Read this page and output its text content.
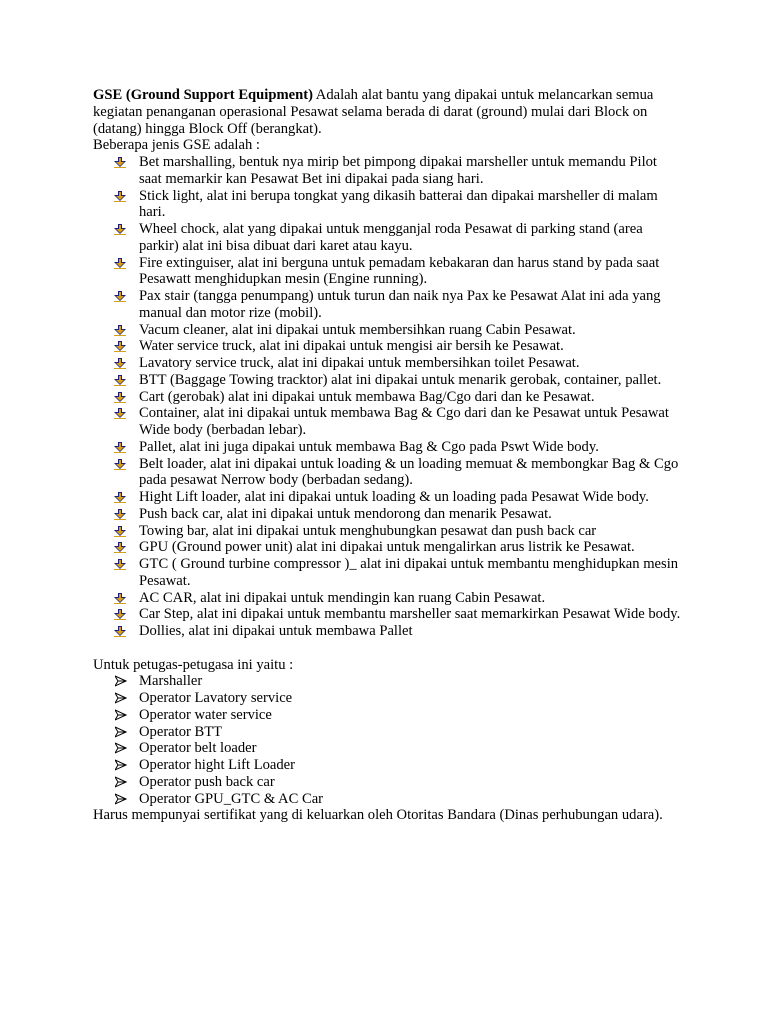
GSE (Ground Support Equipment) Adalah alat bantu yang dipakai untuk melancarkan semua kegiatan penanganan operasional Pesawat selama berada di darat (ground) mulai dari Block on (datang) hingga Block Off (berangkat).

Beberapa jenis GSE adalah :

Bet marshalling, bentuk nya mirip bet pimpong dipakai marsheller untuk memandu Pilot saat memarkir kan Pesawat Bet ini dipakai pada siang hari.
Stick light, alat ini berupa tongkat yang dikasih batterai dan dipakai marsheller di malam hari.
Wheel chock, alat yang dipakai untuk mengganjal roda Pesawat di parking stand (area parkir) alat ini bisa dibuat dari karet atau kayu.
Fire extinguiser, alat ini berguna untuk pemadam kebakaran dan harus stand by pada saat Pesawatt menghidupkan mesin (Engine running).
Pax stair (tangga penumpang) untuk turun dan naik nya Pax ke Pesawat Alat ini ada yang manual dan motor rize (mobil).
Vacum cleaner, alat ini dipakai untuk membersihkan ruang Cabin Pesawat.
Water service truck, alat ini dipakai untuk mengisi air bersih ke Pesawat.
Lavatory service truck, alat ini dipakai untuk membersihkan toilet Pesawat.
BTT (Baggage Towing tracktor) alat ini dipakai untuk menarik gerobak, container, pallet.
Cart (gerobak) alat ini dipakai untuk membawa Bag/Cgo dari dan ke Pesawat.
Container, alat ini dipakai untuk membawa Bag & Cgo dari dan ke Pesawat untuk Pesawat Wide body (berbadan lebar).
Pallet, alat ini juga dipakai untuk membawa Bag & Cgo pada Pswt Wide body.
Belt loader, alat ini dipakai untuk loading & un loading memuat & membongkar Bag & Cgo pada pesawat Nerrow body (berbadan sedang).
Hight Lift loader, alat ini dipakai untuk loading & un loading pada Pesawat Wide body.
Push back car, alat ini dipakai untuk mendorong dan menarik Pesawat.
Towing bar, alat ini dipakai untuk menghubungkan pesawat dan push back car
GPU (Ground power unit) alat ini dipakai untuk mengalirkan arus listrik ke Pesawat.
GTC ( Ground turbine compressor )_ alat ini dipakai untuk membantu menghidupkan mesin Pesawat.
AC CAR, alat ini dipakai untuk mendingin kan ruang Cabin Pesawat.
Car Step, alat ini dipakai untuk membantu marsheller saat memarkirkan Pesawat Wide body.
Dollies, alat ini dipakai untuk membawa Pallet

Untuk petugas-petugasa ini yaitu :

Marshaller
Operator Lavatory service
Operator water service
Operator BTT
Operator belt loader
Operator hight Lift Loader
Operator push back car
Operator GPU_GTC & AC Car

Harus mempunyai sertifikat yang di keluarkan oleh Otoritas Bandara (Dinas perhubungan udara).
